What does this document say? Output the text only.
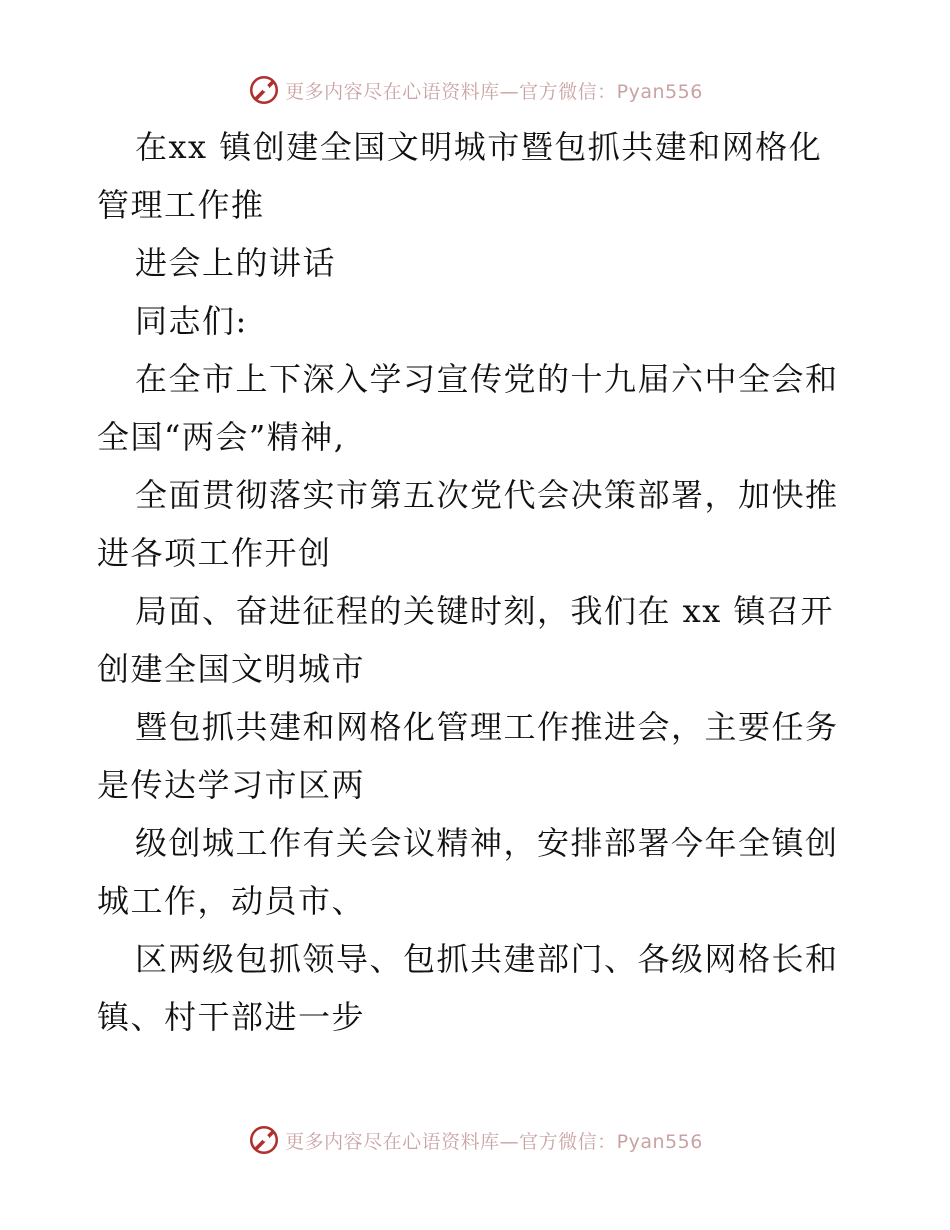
更多内容尽在心语资料库—官方微信：Pyan556
在xx 镇创建全国文明城市暨包抓共建和网格化
管理工作推
进会上的讲话
同志们:
在全市上下深入学习宣传党的十九届六中全会和
全国“两会”精神,
全面贯彻落实市第五次党代会决策部署，加快推
进各项工作开创
局面、奋进征程的关键时刻，我们在 xx 镇召开
创建全国文明城市
暨包抓共建和网格化管理工作推进会，主要任务
是传达学习市区两
级创城工作有关会议精神，安排部署今年全镇创
城工作，动员市、
区两级包抓领导、包抓共建部门、各级网格长和
镇、村干部进一步
更多内容尽在心语资料库—官方微信：Pyan556
